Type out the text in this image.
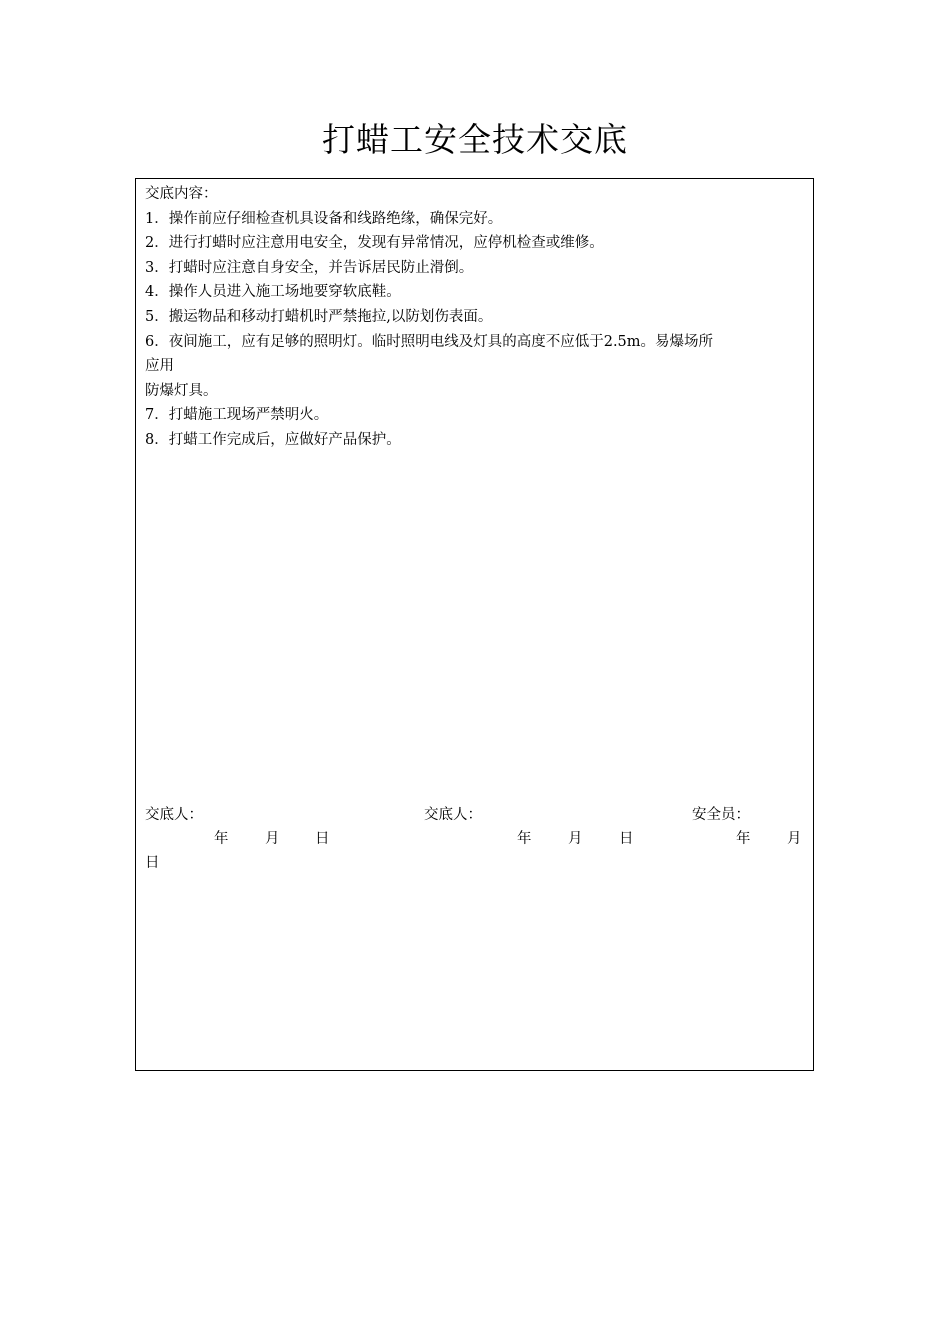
打蜡工安全技术交底
交底内容：
1．操作前应仔细检查机具设备和线路绝缘，确保完好。
2．进行打蜡时应注意用电安全，发现有异常情况，应停机检查或维修。
3．打蜡时应注意自身安全，并告诉居民防止滑倒。
4．操作人员进入施工场地要穿软底鞋。
5．搬运物品和移动打蜡机时严禁拖拉,以防划伤表面。
6．夜间施工，应有足够的照明灯。临时照明电线及灯具的高度不应低于2.5m。易爆场所
应用
防爆灯具。
7．打蜡施工现场严禁明火。
8．打蜡工作完成后，应做好产品保护。
交底人：	交底人：	安全员：
年	月 日	年	月	日	年	月
日
